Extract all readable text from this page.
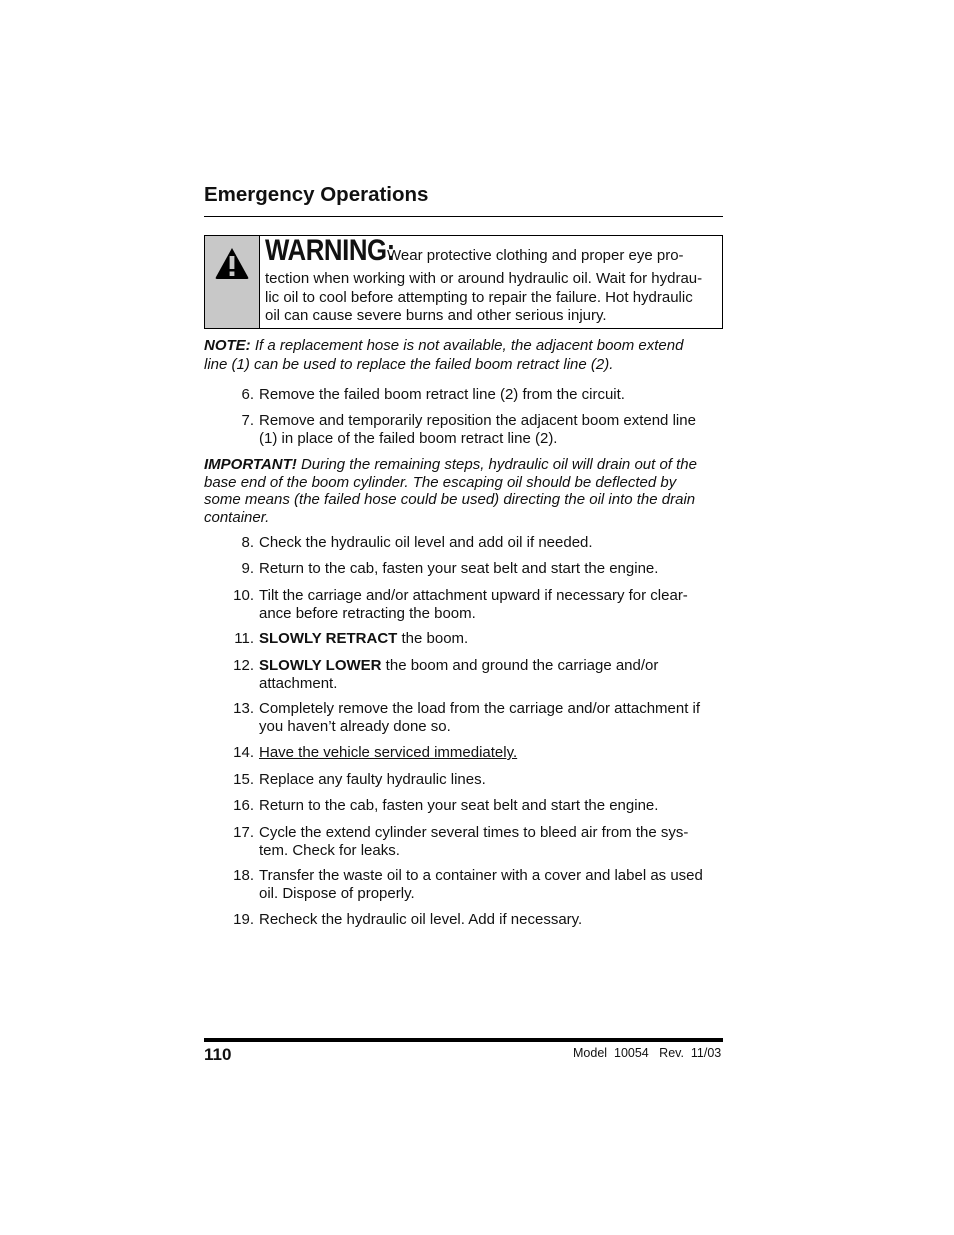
Emergency Operations
WARNING:Wear protective clothing and proper eye pro-
tection when working with or around hydraulic oil. Wait for hydrau-
lic oil to cool before attempting to repair the failure. Hot hydraulic
oil can cause severe burns and other serious injury.

NOTE: If a replacement hose is not available, the adjacent boom extend
line (1) can be used to replace the failed boom retract line (2).

6. Remove the failed boom retract line (2) from the circuit.
7. Remove and temporarily reposition the adjacent boom extend line
(1) in place of the failed boom retract line (2).

IMPORTANT! During the remaining steps, hydraulic oil will drain out of the
base end of the boom cylinder. The escaping oil should be deflected by
some means (the failed hose could be used) directing the oil into the drain
container.

8. Check the hydraulic oil level and add oil if needed.
9. Return to the cab, fasten your seat belt and start the engine.
10. Tilt the carriage and/or attachment upward if necessary for clear-
ance before retracting the boom.
11. SLOWLY RETRACT the boom.
12. SLOWLY LOWER the boom and ground the carriage and/or
attachment.
13. Completely remove the load from the carriage and/or attachment if
you haven’t already done so.
14. Have the vehicle serviced immediately.
15. Replace any faulty hydraulic lines.
16. Return to the cab, fasten your seat belt and start the engine.
17. Cycle the extend cylinder several times to bleed air from the sys-
tem. Check for leaks.
18. Transfer the waste oil to a container with a cover and label as used
oil. Dispose of properly.
19. Recheck the hydraulic oil level. Add if necessary.
110	Model  10054   Rev.  11/03
